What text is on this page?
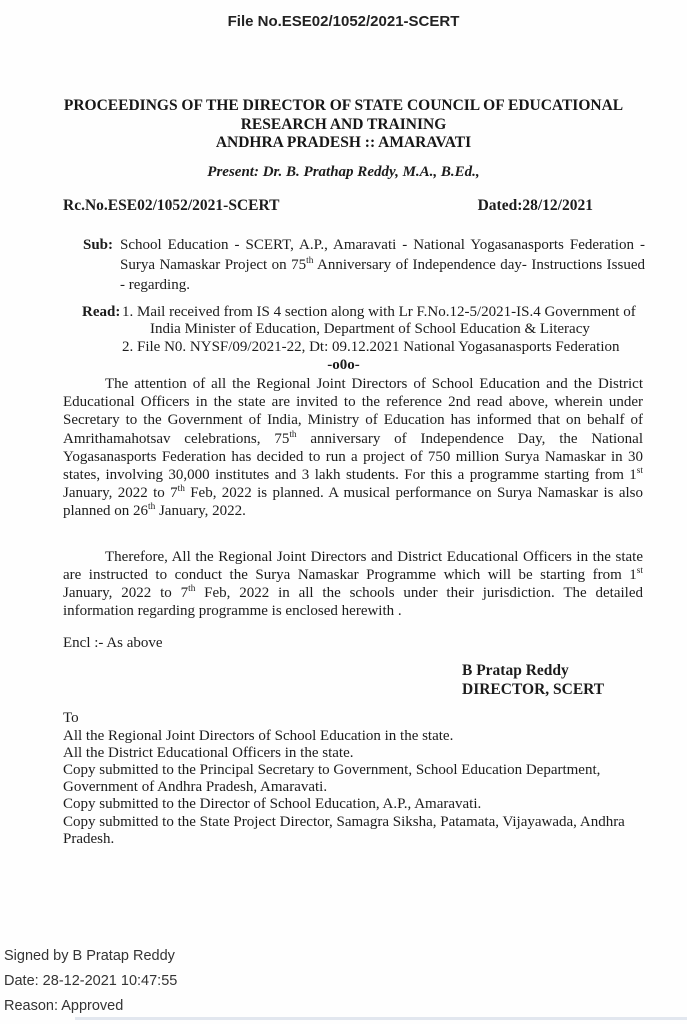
File No.ESE02/1052/2021-SCERT
PROCEEDINGS OF THE DIRECTOR OF STATE COUNCIL OF EDUCATIONAL
RESEARCH AND TRAINING
ANDHRA PRADESH :: AMARAVATI
Present: Dr. B. Prathap Reddy, M.A., B.Ed.,
Rc.No.ESE02/1052/2021-SCERT	Dated:28/12/2021
Sub: School Education - SCERT, A.P., Amaravati - National Yogasanasports Federation - Surya Namaskar Project on 75th Anniversary of Independence day- Instructions Issued - regarding.
Read: 1. Mail received from IS 4 section along with Lr F.No.12-5/2021-IS.4 Government of India Minister of Education, Department of School Education & Literacy
2. File N0. NYSF/09/2021-22, Dt: 09.12.2021 National Yogasanasports Federation
-o0o-

The attention of all the Regional Joint Directors of School Education and the District Educational Officers in the state are invited to the reference 2nd read above, wherein under Secretary to the Government of India, Ministry of Education has informed that on behalf of Amrithamahotsav celebrations, 75th anniversary of Independence Day, the National Yogasanasports Federation has decided to run a project of 750 million Surya Namaskar in 30 states, involving 30,000 institutes and 3 lakh students. For this a programme starting from 1st January, 2022 to 7th Feb, 2022 is planned. A musical performance on Surya Namaskar is also planned on 26th January, 2022.

Therefore, All the Regional Joint Directors and District Educational Officers in the state are instructed to conduct the Surya Namaskar Programme which will be starting from 1st January, 2022 to 7th Feb, 2022 in all the schools under their jurisdiction. The detailed information regarding programme is enclosed herewith .

Encl :- As above
B Pratap Reddy
DIRECTOR, SCERT
To
All the Regional Joint Directors of School Education in the state.
All the District Educational Officers in the state.
Copy submitted to the Principal Secretary to Government, School Education Department,
Government of Andhra Pradesh, Amaravati.
Copy submitted to the Director of School Education, A.P., Amaravati.
Copy submitted to the State Project Director, Samagra Siksha, Patamata, Vijayawada, Andhra
Pradesh.
Signed by B Pratap Reddy
Date: 28-12-2021 10:47:55
Reason: Approved
